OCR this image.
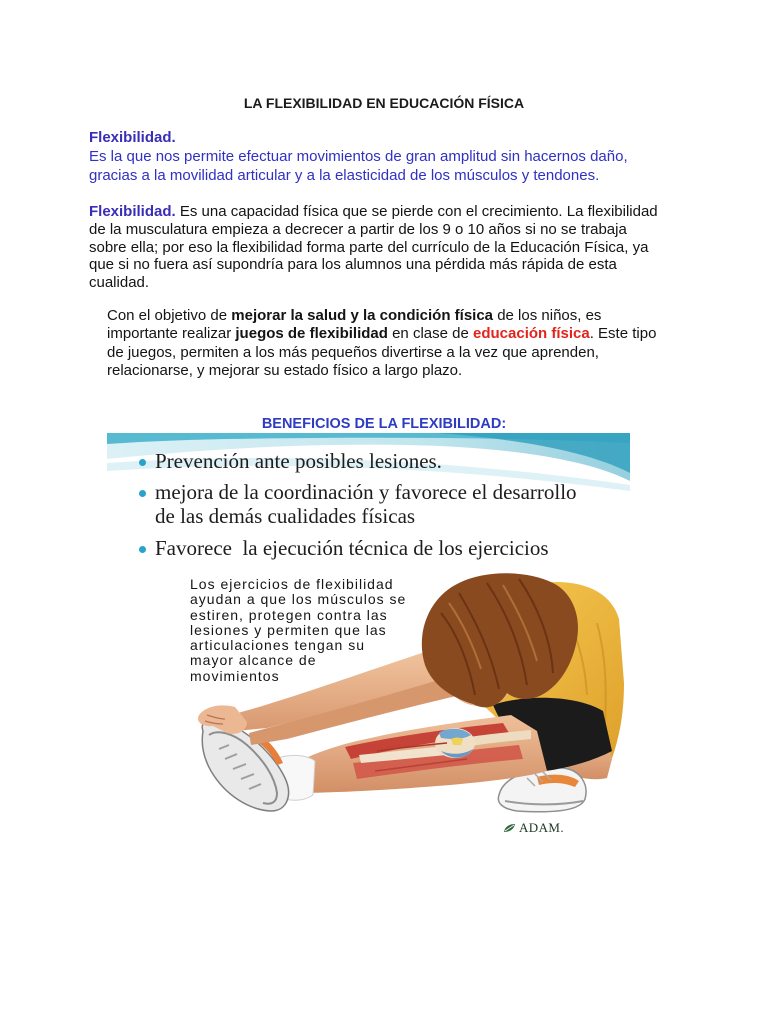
LA FLEXIBILIDAD EN EDUCACIÓN FÍSICA
Flexibilidad.
Es la que nos permite efectuar movimientos de gran amplitud sin hacernos daño,
gracias a la movilidad articular y a la elasticidad de los músculos y tendones.
Flexibilidad. Es una capacidad física que se pierde con el crecimiento. La flexibilidad
de la musculatura empieza a decrecer a partir de los 9 o 10 años si no se trabaja
sobre ella; por eso la flexibilidad forma parte del currículo de la Educación Física, ya
que si no fuera así supondría para los alumnos una pérdida más rápida de esta
cualidad.
Con el objetivo de mejorar la salud y la condición física de los niños, es
importante realizar juegos de flexibilidad en clase de educación física. Este tipo
de juegos, permiten a los más pequeños divertirse a la vez que aprenden,
relacionarse, y mejorar su estado físico a largo plazo.
BENEFICIOS DE LA FLEXIBILIDAD:
Prevención ante posibles lesiones.
mejora de la coordinación y favorece el desarrollo
de las demás cualidades físicas
Favorece  la ejecución técnica de los ejercicios
Los ejercicios de flexibilidad
ayudan a que los músculos se
estiren, protegen contra las
lesiones y permiten que las
articulaciones tengan su
mayor alcance de
movimientos
ADAM.
